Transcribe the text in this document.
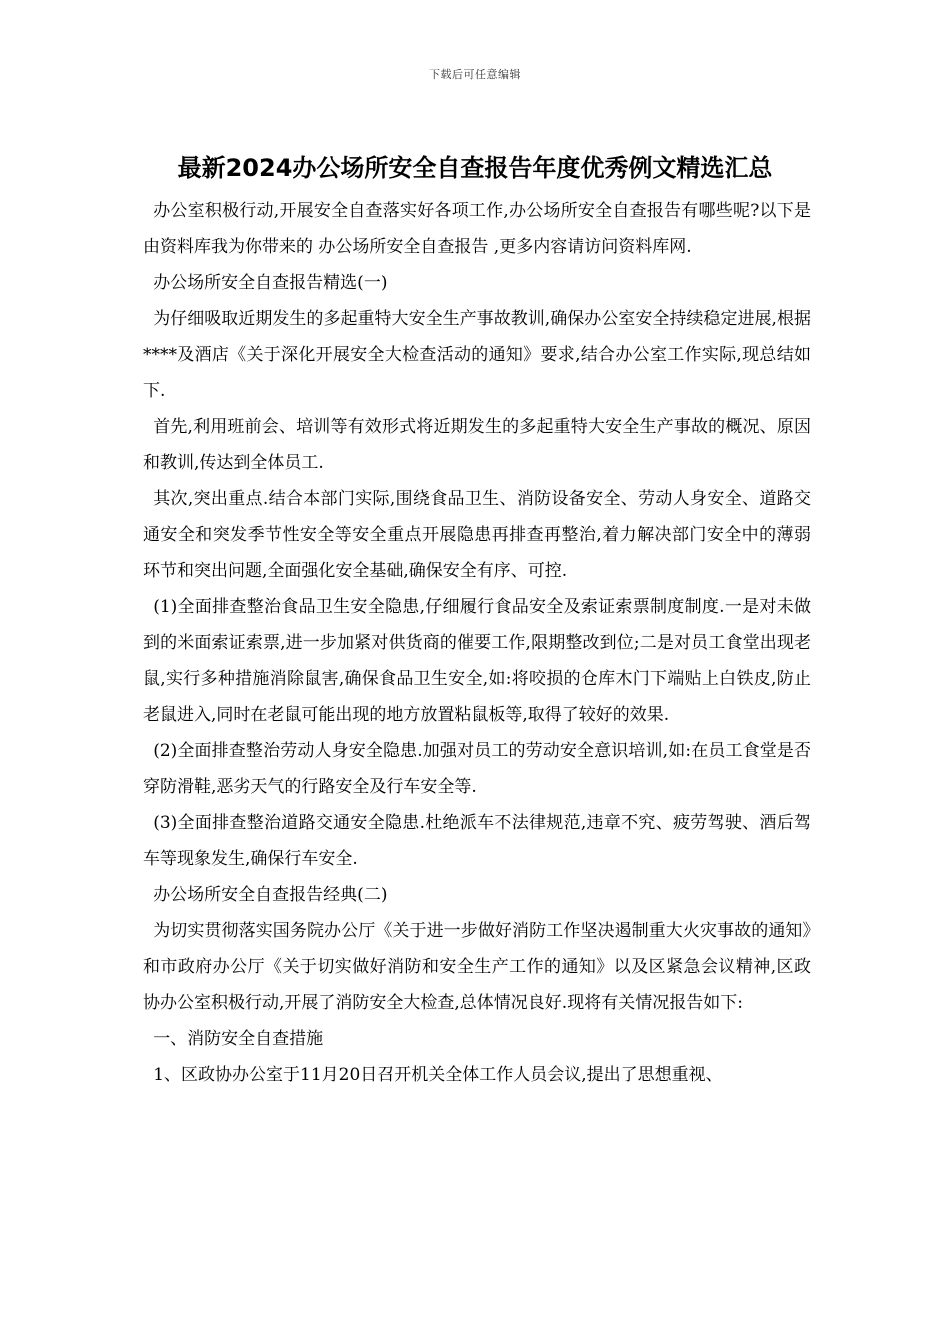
下载后可任意编辑
最新2024办公场所安全自查报告年度优秀例文精选汇总

办公室积极行动,开展安全自查落实好各项工作,办公场所安全自查报告有哪些呢?以下是由资料库我为你带来的 办公场所安全自查报告 ,更多内容请访问资料库网.

办公场所安全自查报告精选(一)

为仔细吸取近期发生的多起重特大安全生产事故教训,确保办公室安全持续稳定进展,根据****及酒店《关于深化开展安全大检查活动的通知》要求,结合办公室工作实际,现总结如下.

首先,利用班前会、培训等有效形式将近期发生的多起重特大安全生产事故的概况、原因和教训,传达到全体员工.

其次,突出重点.结合本部门实际,围绕食品卫生、消防设备安全、劳动人身安全、道路交通安全和突发季节性安全等安全重点开展隐患再排查再整治,着力解决部门安全中的薄弱环节和突出问题,全面强化安全基础,确保安全有序、可控.

(1)全面排查整治食品卫生安全隐患,仔细履行食品安全及索证索票制度制度.一是对未做到的米面索证索票,进一步加紧对供货商的催要工作,限期整改到位;二是对员工食堂出现老鼠,实行多种措施消除鼠害,确保食品卫生安全,如:将咬损的仓库木门下端贴上白铁皮,防止老鼠进入,同时在老鼠可能出现的地方放置粘鼠板等,取得了较好的效果.

(2)全面排查整治劳动人身安全隐患.加强对员工的劳动安全意识培训,如:在员工食堂是否穿防滑鞋,恶劣天气的行路安全及行车安全等.

(3)全面排查整治道路交通安全隐患.杜绝派车不法律规范,违章不究、疲劳驾驶、酒后驾车等现象发生,确保行车安全.

办公场所安全自查报告经典(二)

为切实贯彻落实国务院办公厅《关于进一步做好消防工作坚决遏制重大火灾事故的通知》和市政府办公厅《关于切实做好消防和安全生产工作的通知》以及区紧急会议精神,区政协办公室积极行动,开展了消防安全大检查,总体情况良好.现将有关情况报告如下:

一、消防安全自查措施

1、区政协办公室于11月20日召开机关全体工作人员会议,提出了思想重视、
